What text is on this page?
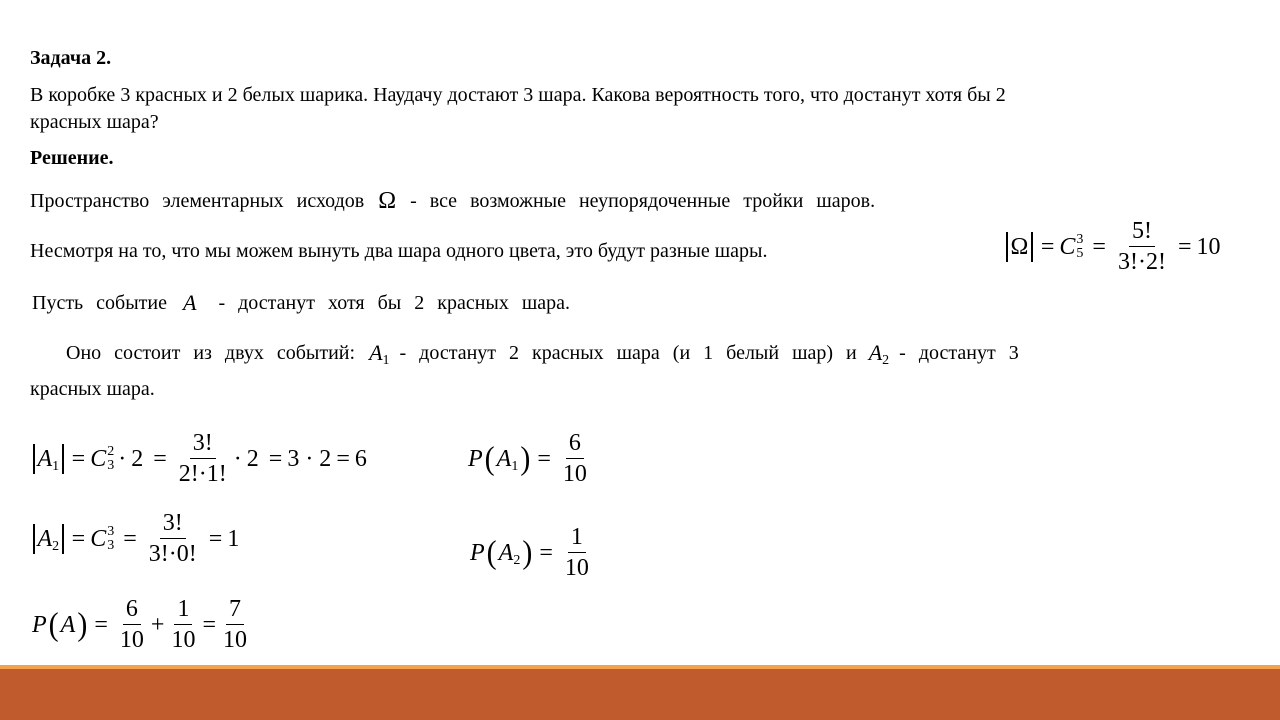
Задача 2.
В коробке 3 красных и 2 белых шарика. Наудачу достают 3 шара. Какова вероятность того, что достанут хотя бы 2
красных шара?
Решение.
Пространство элементарных исходов Ω - все возможные неупорядоченные тройки шаров.
Несмотря на то, что мы можем вынуть два шара одного цвета, это будут разные шары.	Ω = C 3
$5 = \frac{5!}{3!\cdot 2!} = 10$
Пусть событие A - достанут хотя бы 2 красных шара.
Оно состоит из двух событий: A 1 - достанут 2 красных шара (и 1 белый шар) и A 2 - достанут 3
красных шара.
A 1 = C 2
$3 \cdot 2 = \frac{3!}{2!\cdot 1!} \cdot 2 = 3 \cdot 2 = 6$	P ( A 1 ) = $\frac{6}{10}$
A 2 = C 3
$3 = \frac{3!}{3!\cdot 0!} = 1$
P ( A 2 ) = $\frac{1}{10}$
P ( A ) = $\frac{6}{10} + \frac{1}{10} = \frac{7}{10}$
